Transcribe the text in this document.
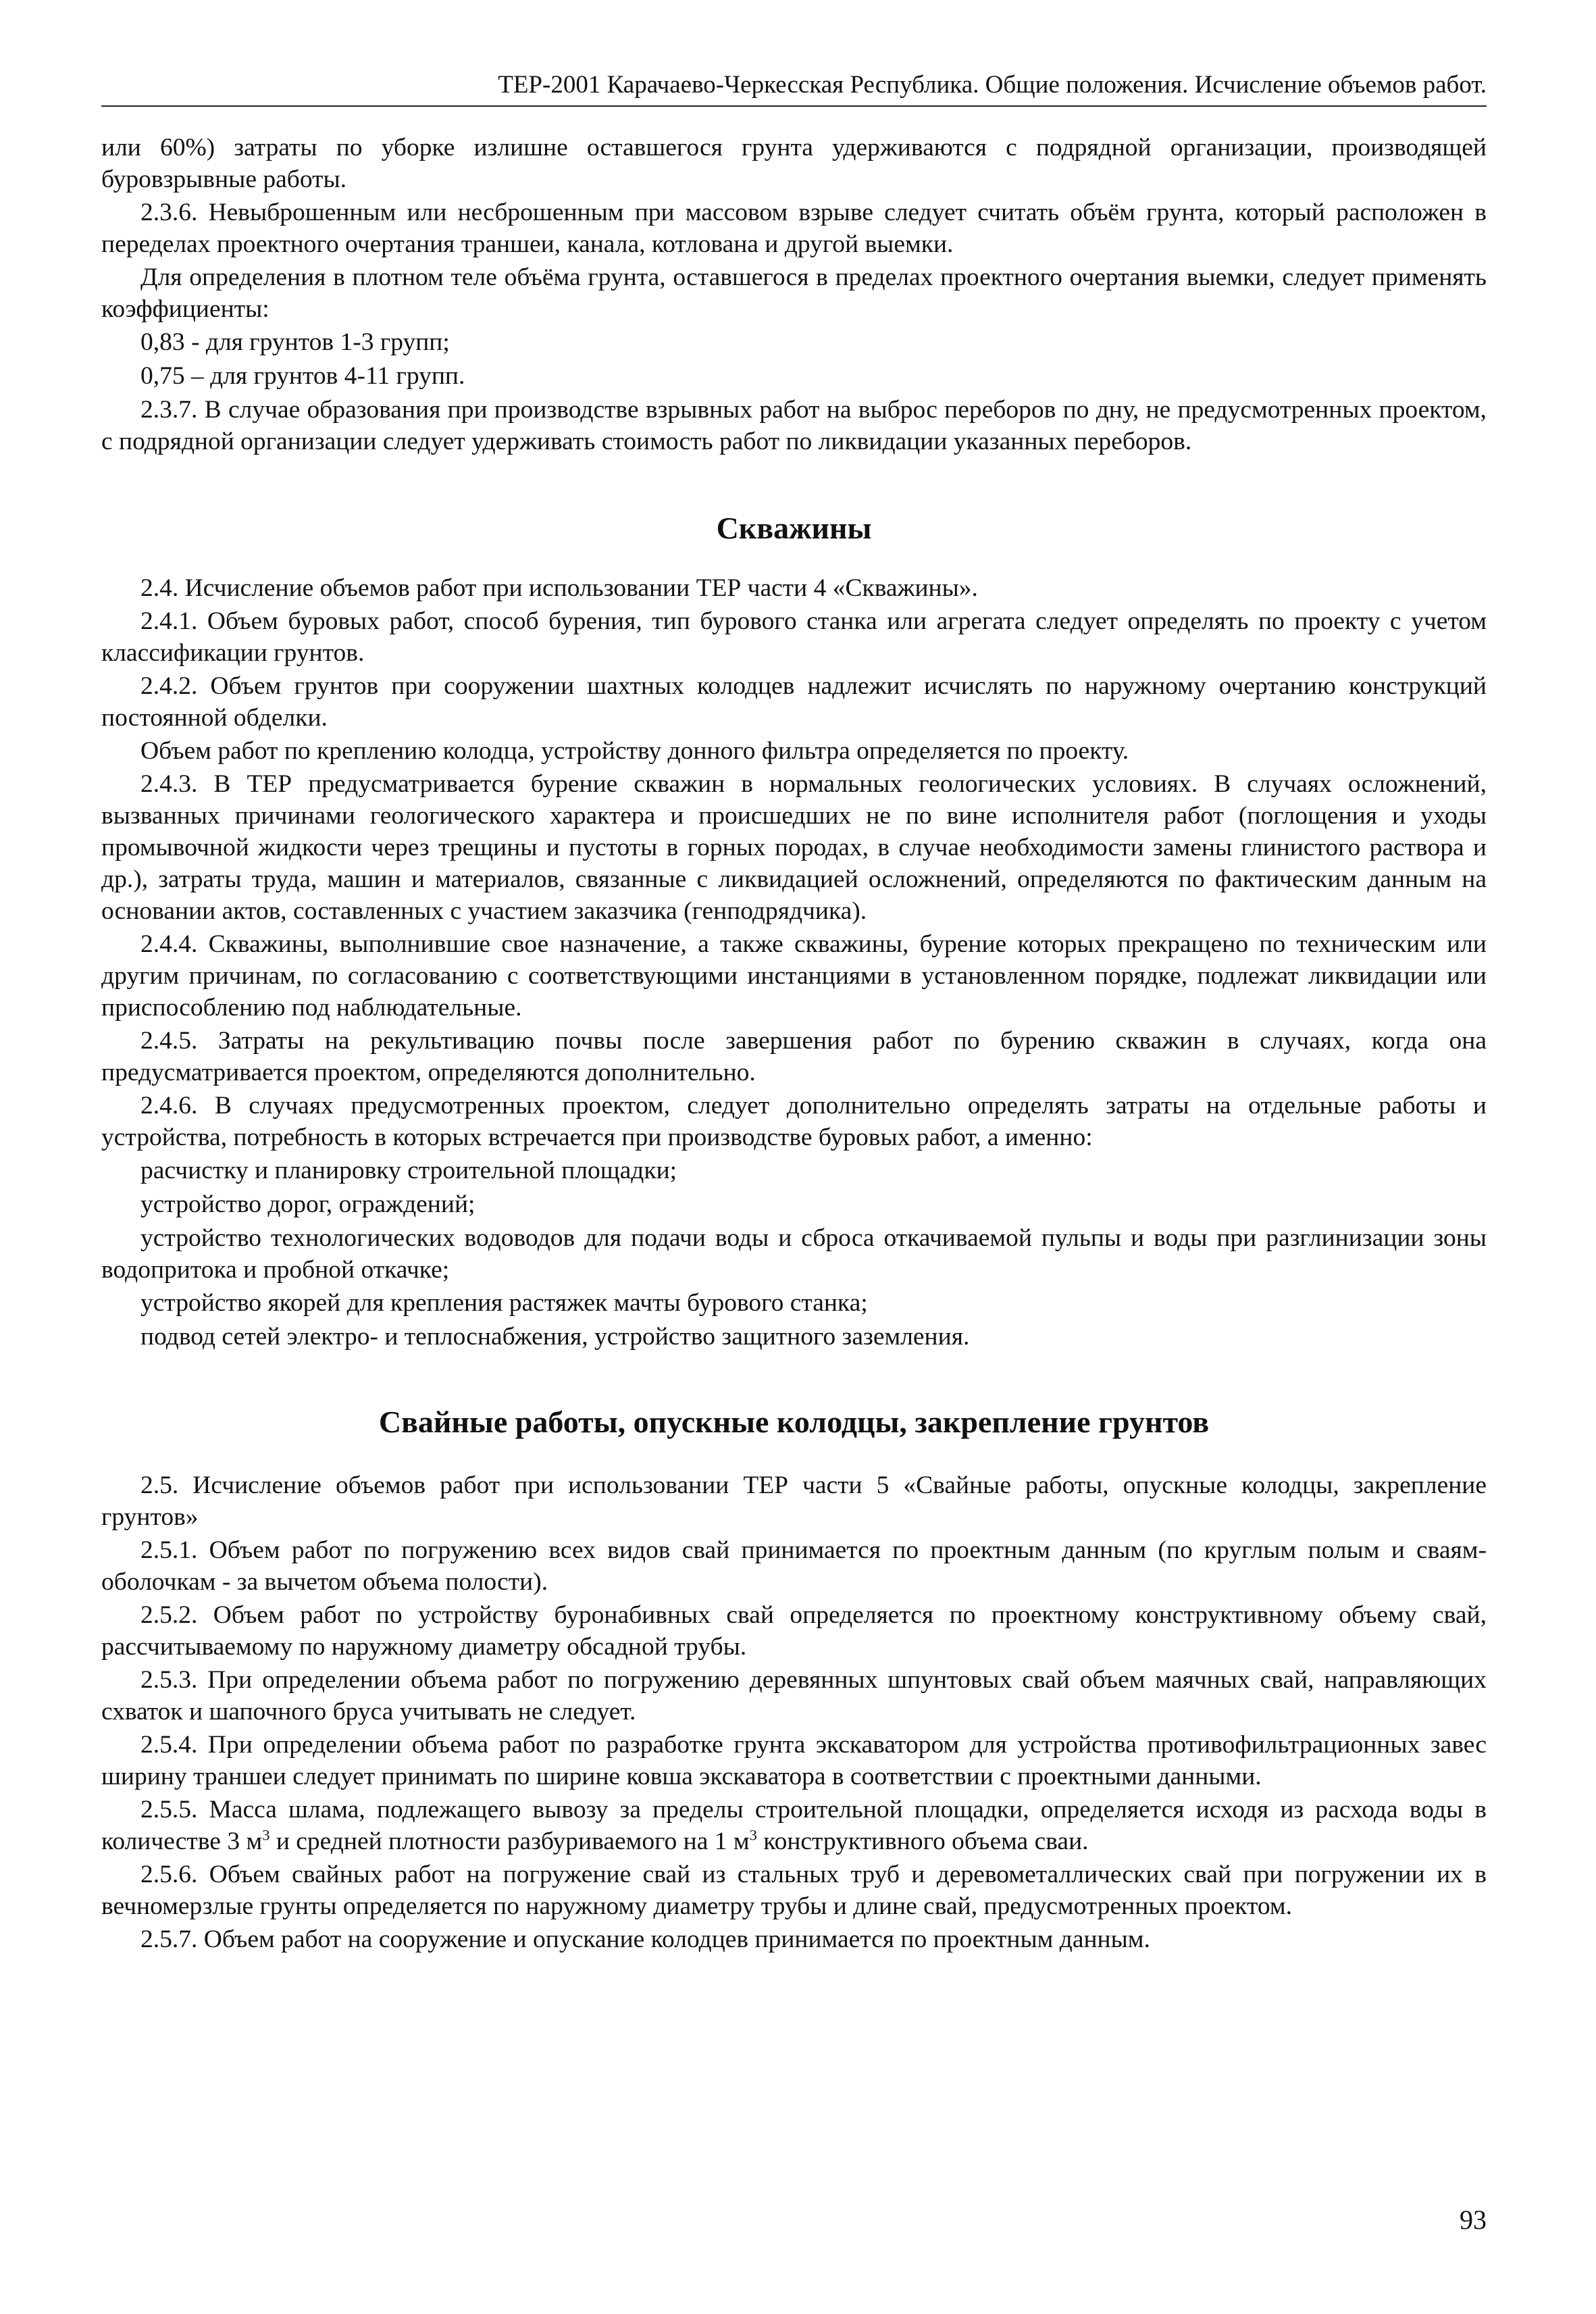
ТЕР-2001 Карачаево-Черкесская Республика. Общие положения. Исчисление объемов работ.

или 60%) затраты по уборке излишне оставшегося грунта удерживаются с подрядной организации, производящей буровзрывные работы.

2.3.6. Невыброшенным или несброшенным при массовом взрыве следует считать объём грунта, который расположен в переделах проектного очертания траншеи, канала, котлована и другой выемки.

Для определения в плотном теле объёма грунта, оставшегося в пределах проектного очертания выемки, следует применять коэффициенты:

0,83 - для грунтов 1-3 групп;

0,75 – для грунтов 4-11 групп.

2.3.7. В случае образования при производстве взрывных работ на выброс переборов по дну, не предусмотренных проектом, с подрядной организации следует удерживать стоимость работ по ликвидации указанных переборов.

Скважины

2.4. Исчисление объемов работ при использовании ТЕР части 4 «Скважины».

2.4.1. Объем буровых работ, способ бурения, тип бурового станка или агрегата следует определять по проекту с учетом классификации грунтов.

2.4.2. Объем грунтов при сооружении шахтных колодцев надлежит исчислять по наружному очертанию конструкций постоянной обделки.

Объем работ по креплению колодца, устройству донного фильтра определяется по проекту.

2.4.3. В ТЕР предусматривается бурение скважин в нормальных геологических условиях. В случаях осложнений, вызванных причинами геологического характера и происшедших не по вине исполнителя работ (поглощения и уходы промывочной жидкости через трещины и пустоты в горных породах, в случае необходимости замены глинистого раствора и др.), затраты труда, машин и материалов, связанные с ликвидацией осложнений, определяются по фактическим данным на основании актов, составленных с участием заказчика (генподрядчика).

2.4.4. Скважины, выполнившие свое назначение, а также скважины, бурение которых прекращено по техническим или другим причинам, по согласованию с соответствующими инстанциями в установленном порядке, подлежат ликвидации или приспособлению под наблюдательные.

2.4.5. Затраты на рекультивацию почвы после завершения работ по бурению скважин в случаях, когда она предусматривается проектом, определяются дополнительно.

2.4.6. В случаях предусмотренных проектом, следует дополнительно определять затраты на отдельные работы и устройства, потребность в которых встречается при производстве буровых работ, а именно:

расчистку и планировку строительной площадки;

устройство дорог, ограждений;

устройство технологических водоводов для подачи воды и сброса откачиваемой пульпы и воды при разглинизации зоны водопритока и пробной откачке;

устройство якорей для крепления растяжек мачты бурового станка;

подвод сетей электро- и теплоснабжения, устройство защитного заземления.

Свайные работы, опускные колодцы, закрепление грунтов

2.5. Исчисление объемов работ при использовании ТЕР части 5 «Свайные работы, опускные колодцы, закрепление грунтов»

2.5.1. Объем работ по погружению всех видов свай принимается по проектным данным (по круглым полым и сваям-оболочкам - за вычетом объема полости).

2.5.2. Объем работ по устройству буронабивных свай определяется по проектному конструктивному объему свай, рассчитываемому по наружному диаметру обсадной трубы.

2.5.3. При определении объема работ по погружению деревянных шпунтовых свай объем маячных свай, направляющих схваток и шапочного бруса учитывать не следует.

2.5.4. При определении объема работ по разработке грунта экскаватором для устройства противофильтрационных завес ширину траншеи следует принимать по ширине ковша экскаватора в соответствии с проектными данными.

2.5.5. Масса шлама, подлежащего вывозу за пределы строительной площадки, определяется исходя из расхода воды в количестве 3 $м^3$ и средней плотности разбуриваемого на 1 $м^3$ конструктивного объема сваи.

2.5.6. Объем свайных работ на погружение свай из стальных труб и деревометаллических свай при погружении их в вечномерзлые грунты определяется по наружному диаметру трубы и длине свай, предусмотренных проектом.

2.5.7. Объем работ на сооружение и опускание колодцев принимается по проектным данным.

93
